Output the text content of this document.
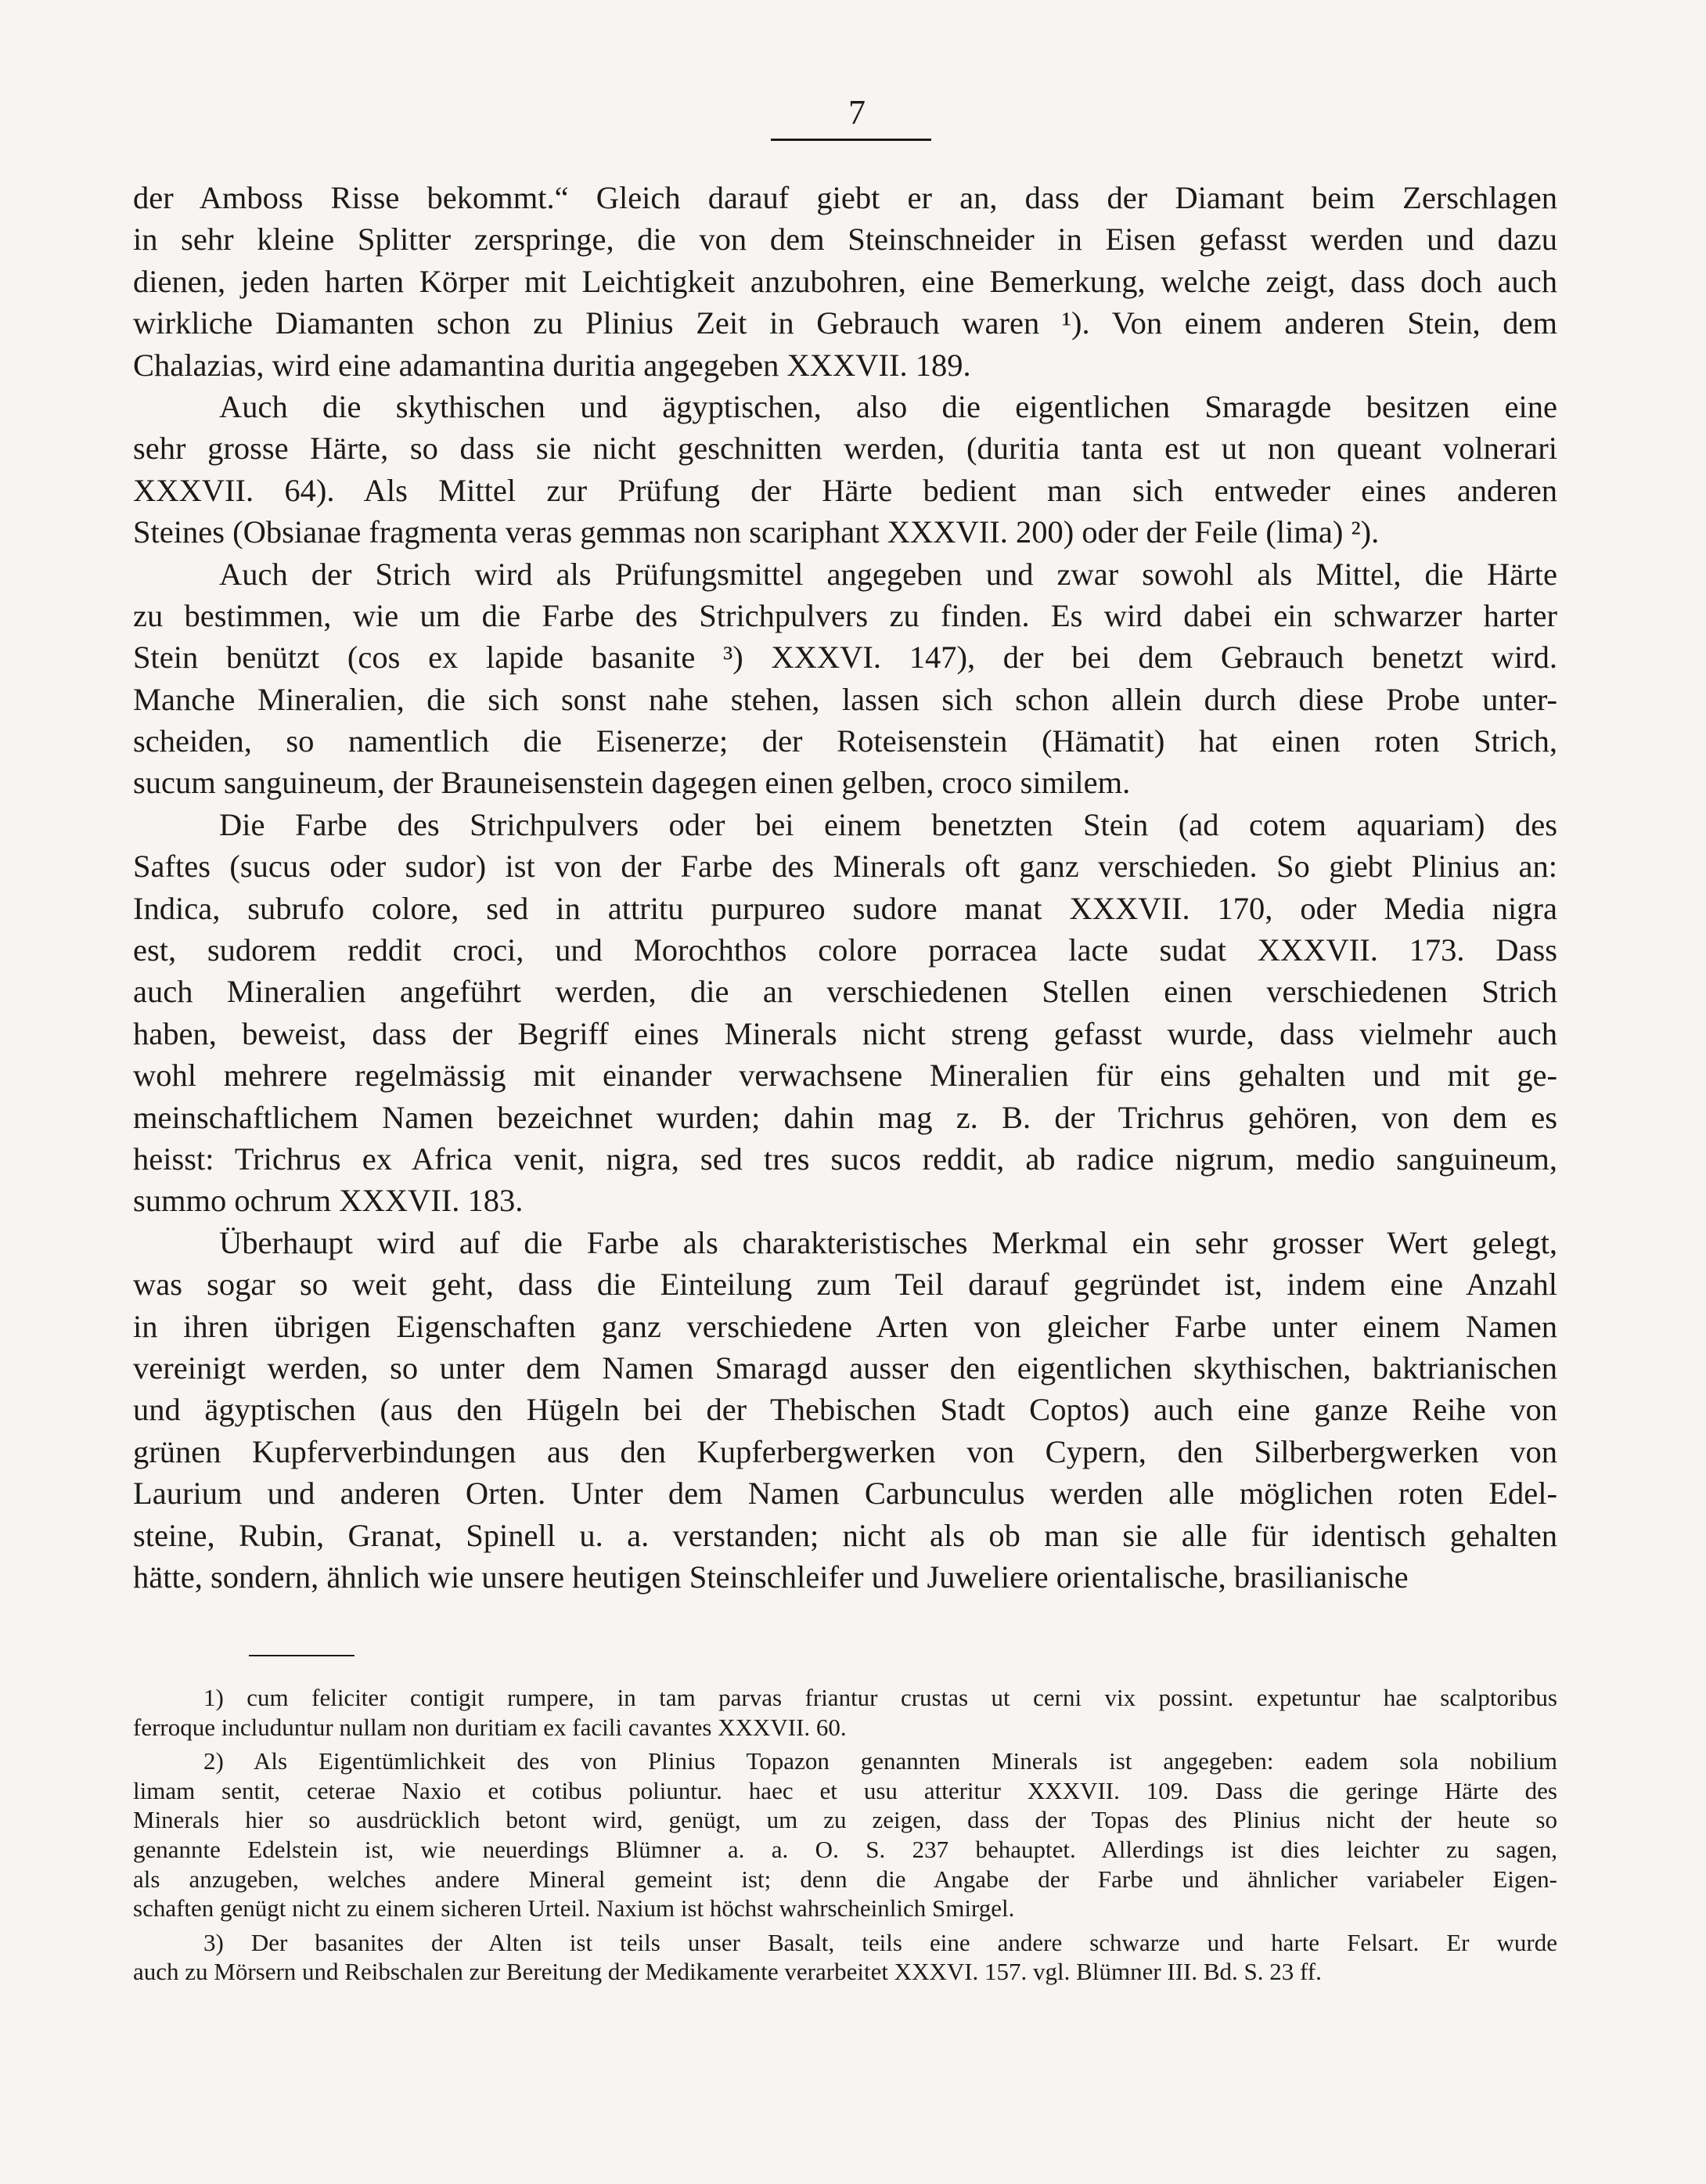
7
der Amboss Risse bekommt.“ Gleich darauf giebt er an, dass der Diamant beim Zerschlagen
in sehr kleine Splitter zerspringe, die von dem Steinschneider in Eisen gefasst werden und dazu
dienen, jeden harten Körper mit Leichtigkeit anzubohren, eine Bemerkung, welche zeigt, dass doch auch
wirkliche Diamanten schon zu Plinius Zeit in Gebrauch waren ¹). Von einem anderen Stein, dem
Chalazias, wird eine adamantina duritia angegeben XXXVII. 189.
Auch die skythischen und ägyptischen, also die eigentlichen Smaragde besitzen eine
sehr grosse Härte, so dass sie nicht geschnitten werden, (duritia tanta est ut non queant volnerari
XXXVII. 64). Als Mittel zur Prüfung der Härte bedient man sich entweder eines anderen
Steines (Obsianae fragmenta veras gemmas non scariphant XXXVII. 200) oder der Feile (lima) ²).
Auch der Strich wird als Prüfungsmittel angegeben und zwar sowohl als Mittel, die Härte
zu bestimmen, wie um die Farbe des Strichpulvers zu finden. Es wird dabei ein schwarzer harter
Stein benützt (cos ex lapide basanite ³) XXXVI. 147), der bei dem Gebrauch benetzt wird.
Manche Mineralien, die sich sonst nahe stehen, lassen sich schon allein durch diese Probe unter-
scheiden, so namentlich die Eisenerze; der Roteisenstein (Hämatit) hat einen roten Strich,
sucum sanguineum, der Brauneisenstein dagegen einen gelben, croco similem.
Die Farbe des Strichpulvers oder bei einem benetzten Stein (ad cotem aquariam) des
Saftes (sucus oder sudor) ist von der Farbe des Minerals oft ganz verschieden. So giebt Plinius an:
Indica, subrufo colore, sed in attritu purpureo sudore manat XXXVII. 170, oder Media nigra
est, sudorem reddit croci, und Morochthos colore porracea lacte sudat XXXVII. 173. Dass
auch Mineralien angeführt werden, die an verschiedenen Stellen einen verschiedenen Strich
haben, beweist, dass der Begriff eines Minerals nicht streng gefasst wurde, dass vielmehr auch
wohl mehrere regelmässig mit einander verwachsene Mineralien für eins gehalten und mit ge-
meinschaftlichem Namen bezeichnet wurden; dahin mag z. B. der Trichrus gehören, von dem es
heisst: Trichrus ex Africa venit, nigra, sed tres sucos reddit, ab radice nigrum, medio sanguineum,
summo ochrum XXXVII. 183.
Überhaupt wird auf die Farbe als charakteristisches Merkmal ein sehr grosser Wert gelegt,
was sogar so weit geht, dass die Einteilung zum Teil darauf gegründet ist, indem eine Anzahl
in ihren übrigen Eigenschaften ganz verschiedene Arten von gleicher Farbe unter einem Namen
vereinigt werden, so unter dem Namen Smaragd ausser den eigentlichen skythischen, baktrianischen
und ägyptischen (aus den Hügeln bei der Thebischen Stadt Coptos) auch eine ganze Reihe von
grünen Kupferverbindungen aus den Kupferbergwerken von Cypern, den Silberbergwerken von
Laurium und anderen Orten. Unter dem Namen Carbunculus werden alle möglichen roten Edel-
steine, Rubin, Granat, Spinell u. a. verstanden; nicht als ob man sie alle für identisch gehalten
hätte, sondern, ähnlich wie unsere heutigen Steinschleifer und Juweliere orientalische, brasilianische
1) cum feliciter contigit rumpere, in tam parvas friantur crustas ut cerni vix possint. expetuntur hae scalptoribus
ferroque includuntur nullam non duritiam ex facili cavantes XXXVII. 60.
2) Als Eigentümlichkeit des von Plinius Topazon genannten Minerals ist angegeben: eadem sola nobilium
limam sentit, ceterae Naxio et cotibus poliuntur. haec et usu atteritur XXXVII. 109. Dass die geringe Härte des
Minerals hier so ausdrücklich betont wird, genügt, um zu zeigen, dass der Topas des Plinius nicht der heute so
genannte Edelstein ist, wie neuerdings Blümner a. a. O. S. 237 behauptet. Allerdings ist dies leichter zu sagen,
als anzugeben, welches andere Mineral gemeint ist; denn die Angabe der Farbe und ähnlicher variabeler Eigen-
schaften genügt nicht zu einem sicheren Urteil. Naxium ist höchst wahrscheinlich Smirgel.
3) Der basanites der Alten ist teils unser Basalt, teils eine andere schwarze und harte Felsart. Er wurde
auch zu Mörsern und Reibschalen zur Bereitung der Medikamente verarbeitet XXXVI. 157. vgl. Blümner III. Bd. S. 23 ff.
